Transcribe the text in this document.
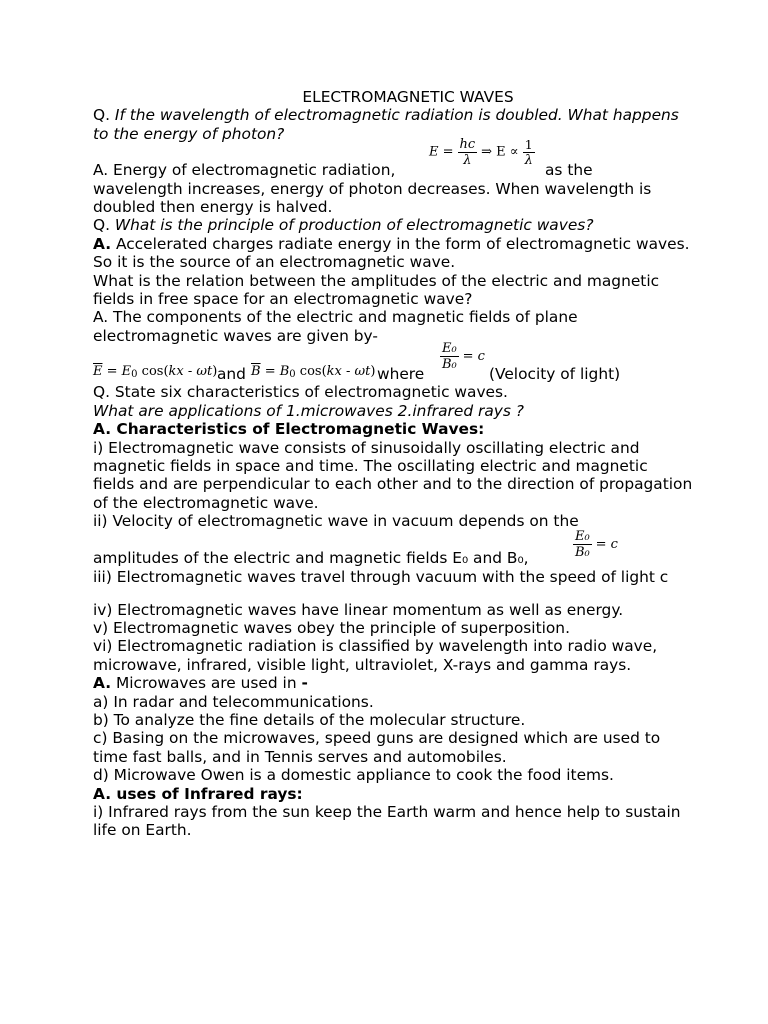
ELECTROMAGNETIC WAVES

Q. If the wavelength of electromagnetic radiation is doubled. What happens to the energy of photon?

A. Energy of electromagnetic radiation,
$E = \frac{hc}{\lambda}$ ⇒ $E \propto \frac{1}{\lambda}$
as the

wavelength increases, energy of photon decreases. When wavelength is doubled then energy is halved.

Q. What is the principle of production of electromagnetic waves?

A. Accelerated charges radiate energy in the form of electromagnetic waves. So it is the source of an electromagnetic wave.

What is the relation between the amplitudes of the electric and magnetic fields in free space for an electromagnetic wave?

A. The components of the electric and magnetic fields of plane electromagnetic waves are given by-

$\overline{E} = E_0$ cos(kx - ωt) and $\overline{B} = B_0$ cos(kx - ωt) where
$\frac{\text{E₀}}{\text{B₀}} = c$
(Velocity of light)

Q. State six characteristics of electromagnetic waves.

What are applications of 1.microwaves 2.infrared rays ?

A. Characteristics of Electromagnetic Waves:

i) Electromagnetic wave consists of sinusoidally oscillating electric and magnetic fields in space and time. The oscillating electric and magnetic fields and are perpendicular to each other and to the direction of propagation of the electromagnetic wave.

ii) Velocity of electromagnetic wave in vacuum depends on the

amplitudes of the electric and magnetic fields E₀ and B₀,	$\frac{\text{E₀}}{\text{B₀}} = c$

iii) Electromagnetic waves travel through vacuum with the speed of light c

iv) Electromagnetic waves have linear momentum as well as energy.

v) Electromagnetic waves obey the principle of superposition.

vi) Electromagnetic radiation is classified by wavelength into radio wave, microwave, infrared, visible light, ultraviolet, X-rays and gamma rays.

A. Microwaves are used in -

a) In radar and telecommunications.

b) To analyze the fine details of the molecular structure.

c) Basing on the microwaves, speed guns are designed which are used to time fast balls, and in Tennis serves and automobiles.

d) Microwave Owen is a domestic appliance to cook the food items.

A. uses of Infrared rays:

i) Infrared rays from the sun keep the Earth warm and hence help to sustain life on Earth.
